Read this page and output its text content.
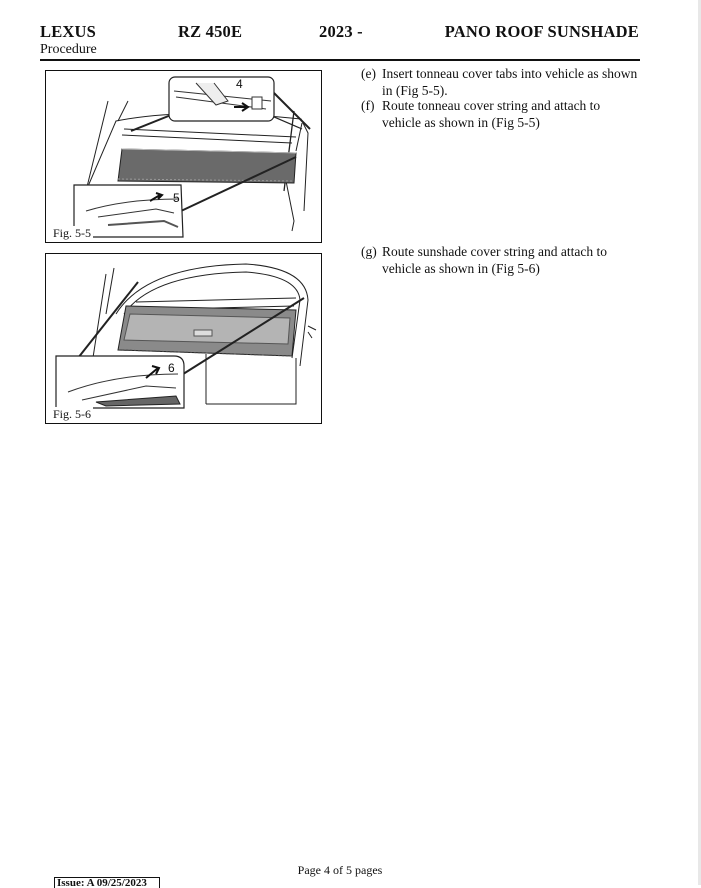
LEXUS	RZ 450E	2023 -	PANO ROOF SUNSHADE
Procedure
4
5
Fig. 5-5
6
Fig. 5-6
(e) Insert tonneau cover tabs into vehicle as shown in (Fig 5-5).
(f) Route tonneau cover string and attach to vehicle as shown in (Fig 5-5)
(g) Route sunshade cover string and attach to vehicle as shown in (Fig 5-6)
Page 4 of 5 pages
Issue: A 09/25/2023
